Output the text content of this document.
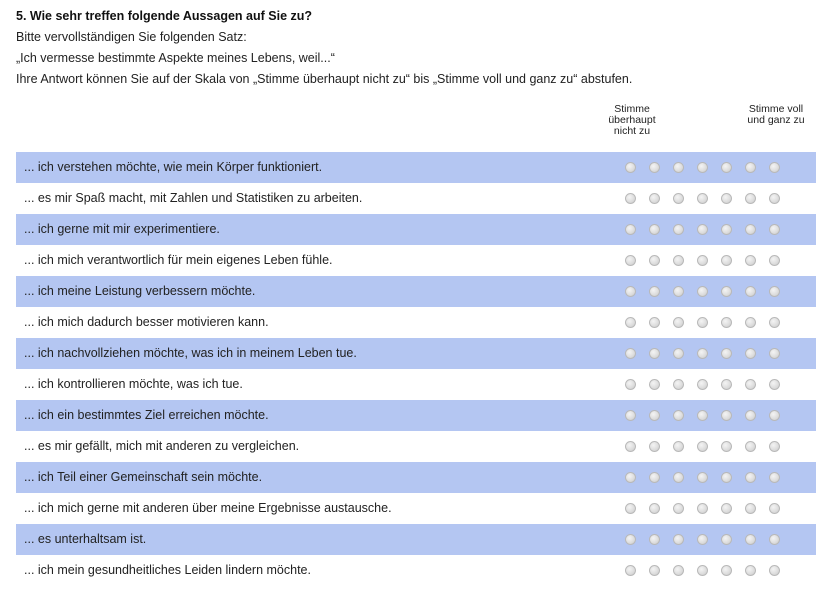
5. Wie sehr treffen folgende Aussagen auf Sie zu?
Bitte vervollständigen Sie folgenden Satz:
„Ich vermesse bestimmte Aspekte meines Lebens, weil...“
Ihre Antwort können Sie auf der Skala von „Stimme überhaupt nicht zu“ bis „Stimme voll und ganz zu“ abstufen.
Stimme
überhaupt
nicht zu
Stimme voll
und ganz zu
... ich verstehen möchte, wie mein Körper funktioniert.
... es mir Spaß macht, mit Zahlen und Statistiken zu arbeiten.
... ich gerne mit mir experimentiere.
... ich mich verantwortlich für mein eigenes Leben fühle.
... ich meine Leistung verbessern möchte.
... ich mich dadurch besser motivieren kann.
... ich nachvollziehen möchte, was ich in meinem Leben tue.
... ich kontrollieren möchte, was ich tue.
... ich ein bestimmtes Ziel erreichen möchte.
... es mir gefällt, mich mit anderen zu vergleichen.
... ich Teil einer Gemeinschaft sein möchte.
... ich mich gerne mit anderen über meine Ergebnisse austausche.
... es unterhaltsam ist.
... ich mein gesundheitliches Leiden lindern möchte.
